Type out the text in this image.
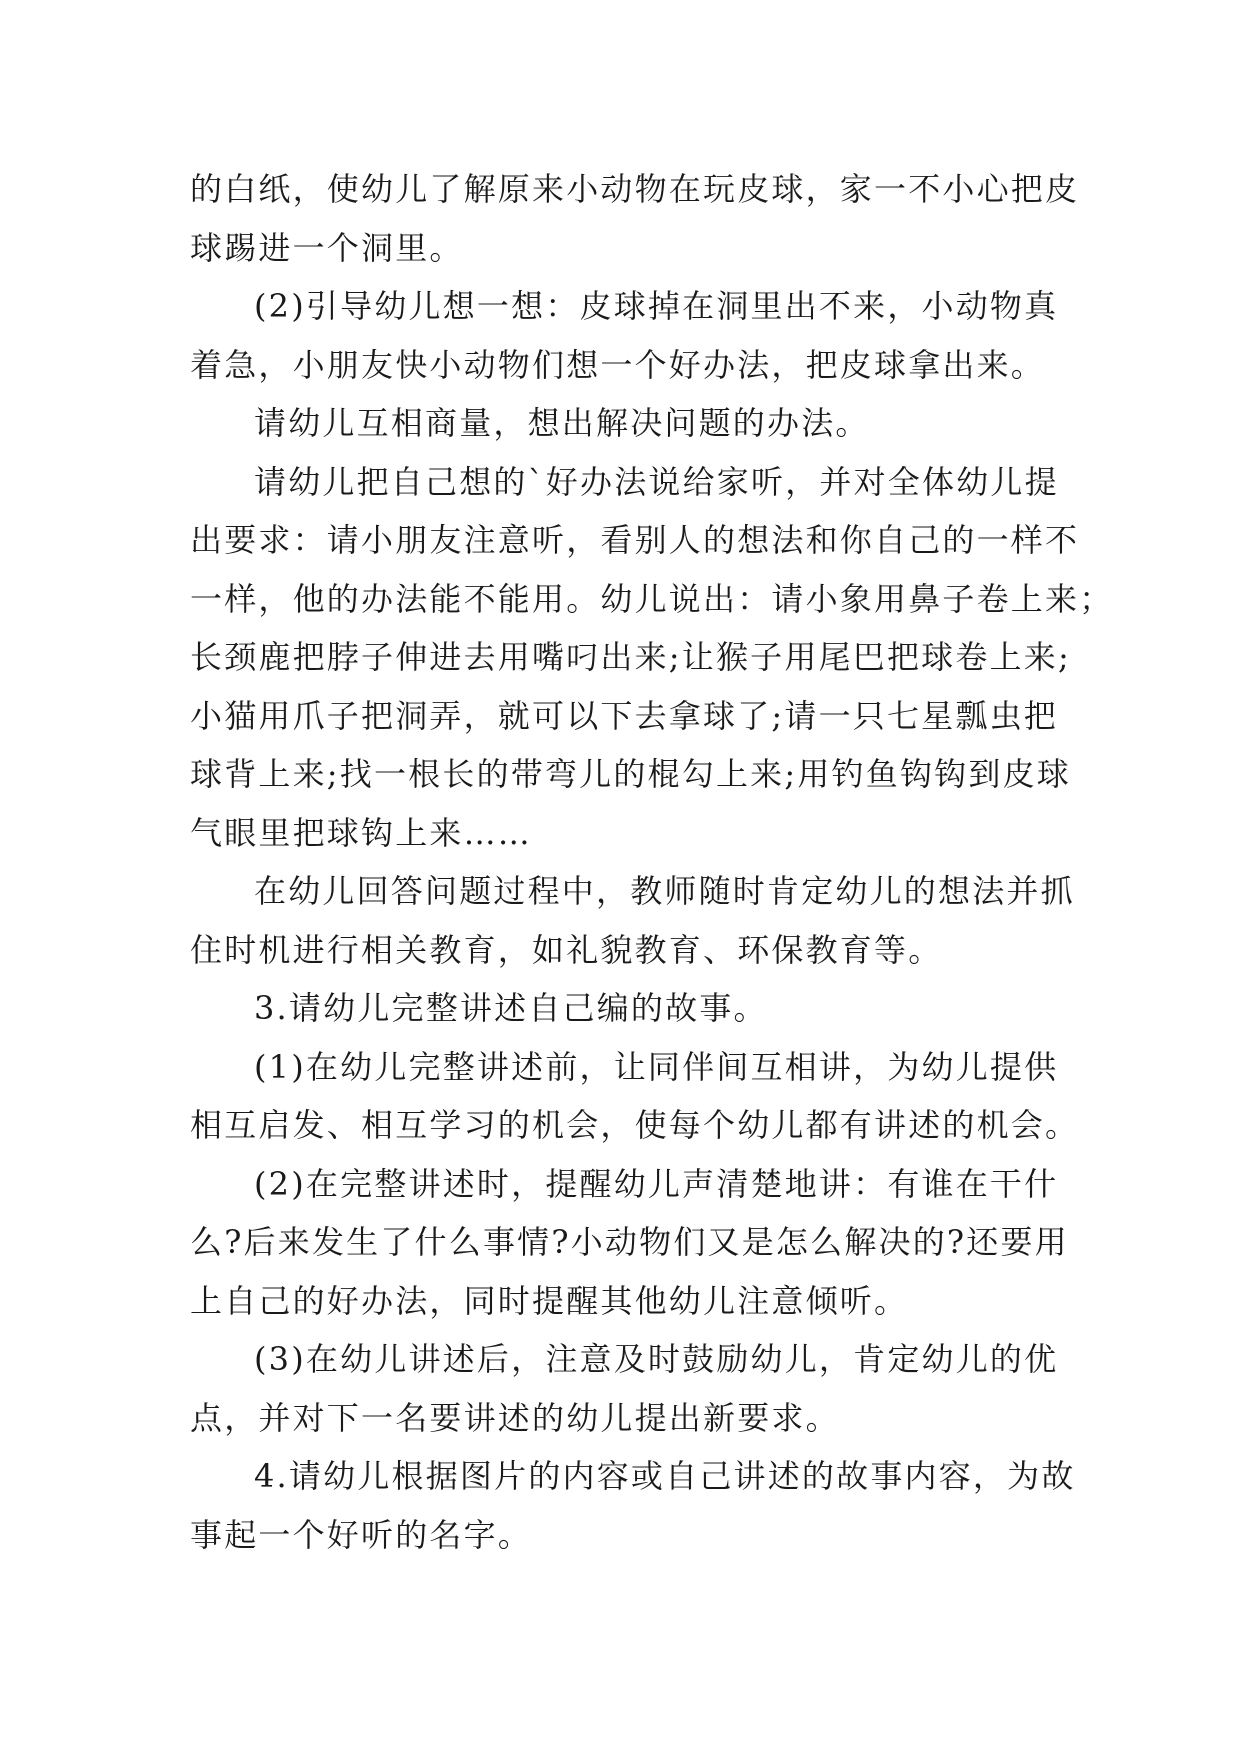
的白纸，使幼儿了解原来小动物在玩皮球，家一不小心把皮
球踢进一个洞里。
(2)引导幼儿想一想：皮球掉在洞里出不来，小动物真
着急，小朋友快小动物们想一个好办法，把皮球拿出来。
请幼儿互相商量，想出解决问题的办法。
请幼儿把自己想的`好办法说给家听，并对全体幼儿提
出要求：请小朋友注意听，看别人的想法和你自己的一样不
一样，他的办法能不能用。幼儿说出：请小象用鼻子卷上来；
长颈鹿把脖子伸进去用嘴叼出来;让猴子用尾巴把球卷上来;
小猫用爪子把洞弄，就可以下去拿球了;请一只七星瓢虫把
球背上来;找一根长的带弯儿的棍勾上来;用钓鱼钩钩到皮球
气眼里把球钩上来……
在幼儿回答问题过程中，教师随时肯定幼儿的想法并抓
住时机进行相关教育，如礼貌教育、环保教育等。
3.请幼儿完整讲述自己编的故事。
(1)在幼儿完整讲述前，让同伴间互相讲，为幼儿提供
相互启发、相互学习的机会，使每个幼儿都有讲述的机会。
(2)在完整讲述时，提醒幼儿声清楚地讲：有谁在干什
么?后来发生了什么事情?小动物们又是怎么解决的?还要用
上自己的好办法，同时提醒其他幼儿注意倾听。
(3)在幼儿讲述后，注意及时鼓励幼儿，肯定幼儿的优
点，并对下一名要讲述的幼儿提出新要求。
4.请幼儿根据图片的内容或自己讲述的故事内容，为故
事起一个好听的名字。
